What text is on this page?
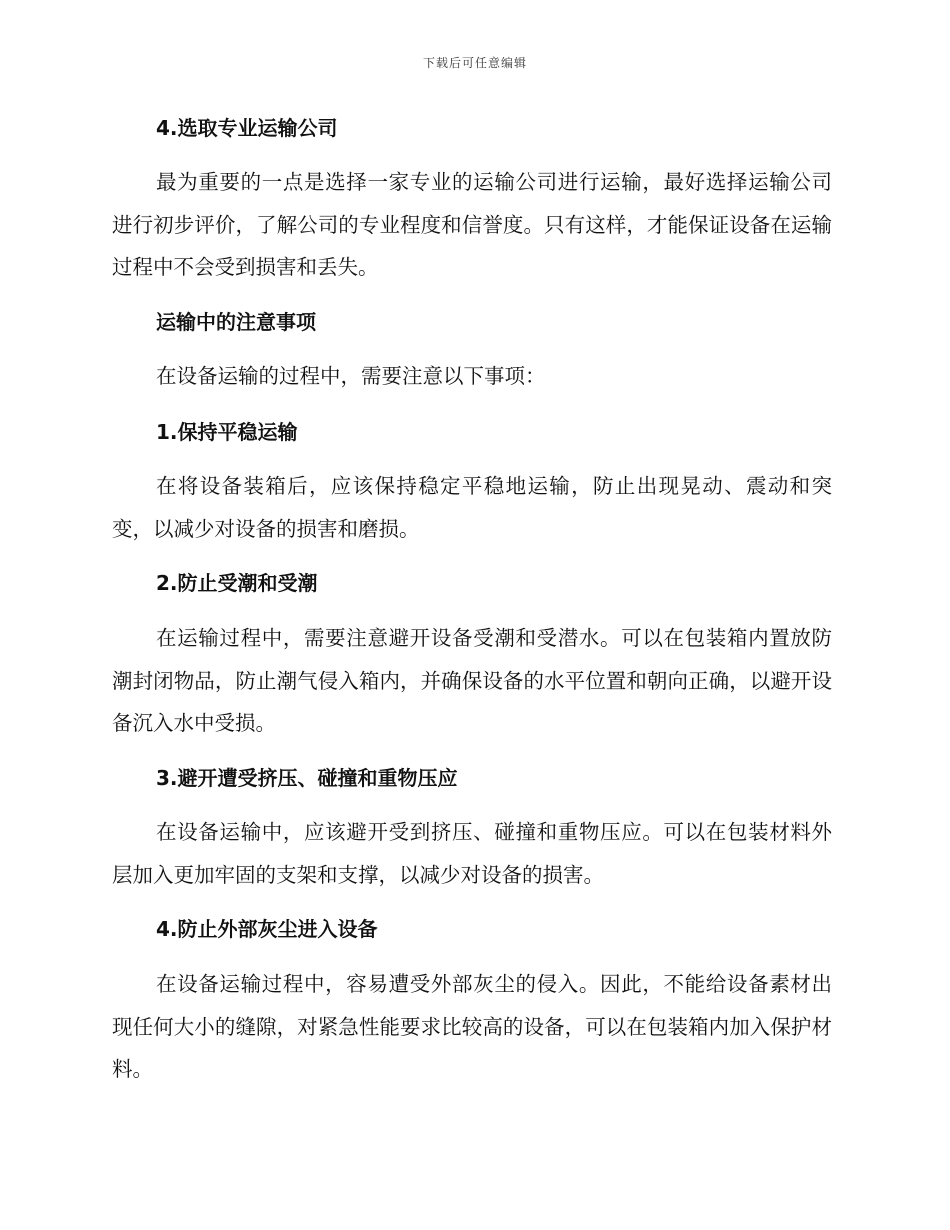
下载后可任意编辑
4.选取专业运输公司
最为重要的一点是选择一家专业的运输公司进行运输，最好选择运输公司进行初步评价，了解公司的专业程度和信誉度。只有这样，才能保证设备在运输过程中不会受到损害和丢失。
运输中的注意事项
在设备运输的过程中，需要注意以下事项：
1.保持平稳运输
在将设备装箱后，应该保持稳定平稳地运输，防止出现晃动、震动和突变，以减少对设备的损害和磨损。
2.防止受潮和受潮
在运输过程中，需要注意避开设备受潮和受潜水。可以在包装箱内置放防潮封闭物品，防止潮气侵入箱内，并确保设备的水平位置和朝向正确，以避开设备沉入水中受损。
3.避开遭受挤压、碰撞和重物压应
在设备运输中，应该避开受到挤压、碰撞和重物压应。可以在包装材料外层加入更加牢固的支架和支撑，以减少对设备的损害。
4.防止外部灰尘进入设备
在设备运输过程中，容易遭受外部灰尘的侵入。因此，不能给设备素材出现任何大小的缝隙，对紧急性能要求比较高的设备，可以在包装箱内加入保护材料。
